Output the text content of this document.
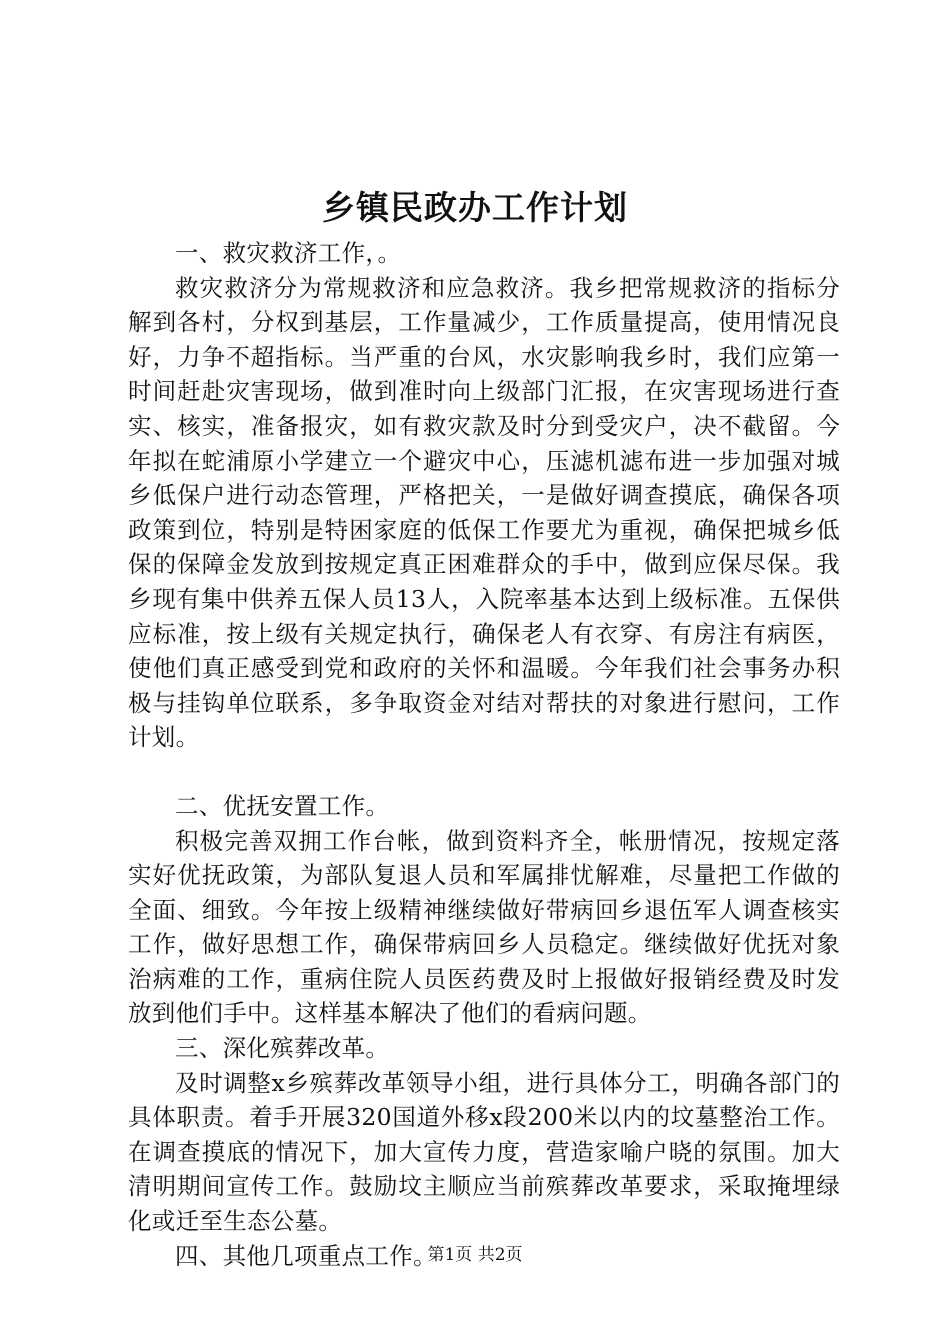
乡镇民政办工作计划

一、救灾救济工作，。

救灾救济分为常规救济和应急救济。我乡把常规救济的指标分解到各村，分权到基层，工作量减少，工作质量提高，使用情况良好，力争不超指标。当严重的台风，水灾影响我乡时，我们应第一时间赶赴灾害现场，做到准时向上级部门汇报，在灾害现场进行查实、核实，准备报灾，如有救灾款及时分到受灾户，决不截留。今年拟在蛇浦原小学建立一个避灾中心，压滤机滤布进一步加强对城乡低保户进行动态管理，严格把关，一是做好调查摸底，确保各项政策到位，特别是特困家庭的低保工作要尤为重视，确保把城乡低保的保障金发放到按规定真正困难群众的手中，做到应保尽保。我乡现有集中供养五保人员13人，入院率基本达到上级标准。五保供应标准，按上级有关规定执行，确保老人有衣穿、有房注有病医，使他们真正感受到党和政府的关怀和温暖。今年我们社会事务办积极与挂钩单位联系，多争取资金对结对帮扶的对象进行慰问，工作计划。

二、优抚安置工作。

积极完善双拥工作台帐，做到资料齐全，帐册情况，按规定落实好优抚政策，为部队复退人员和军属排忧解难，尽量把工作做的全面、细致。今年按上级精神继续做好带病回乡退伍军人调查核实工作，做好思想工作，确保带病回乡人员稳定。继续做好优抚对象治病难的工作，重病住院人员医药费及时上报做好报销经费及时发放到他们手中。这样基本解决了他们的看病问题。

三、深化殡葬改革。

及时调整x乡殡葬改革领导小组，进行具体分工，明确各部门的具体职责。着手开展320国道外移x段200米以内的坟墓整治工作。在调查摸底的情况下，加大宣传力度，营造家喻户晓的氛围。加大清明期间宣传工作。鼓励坟主顺应当前殡葬改革要求，采取掩埋绿化或迁至生态公墓。

四、其他几项重点工作。

第1页 共2页
